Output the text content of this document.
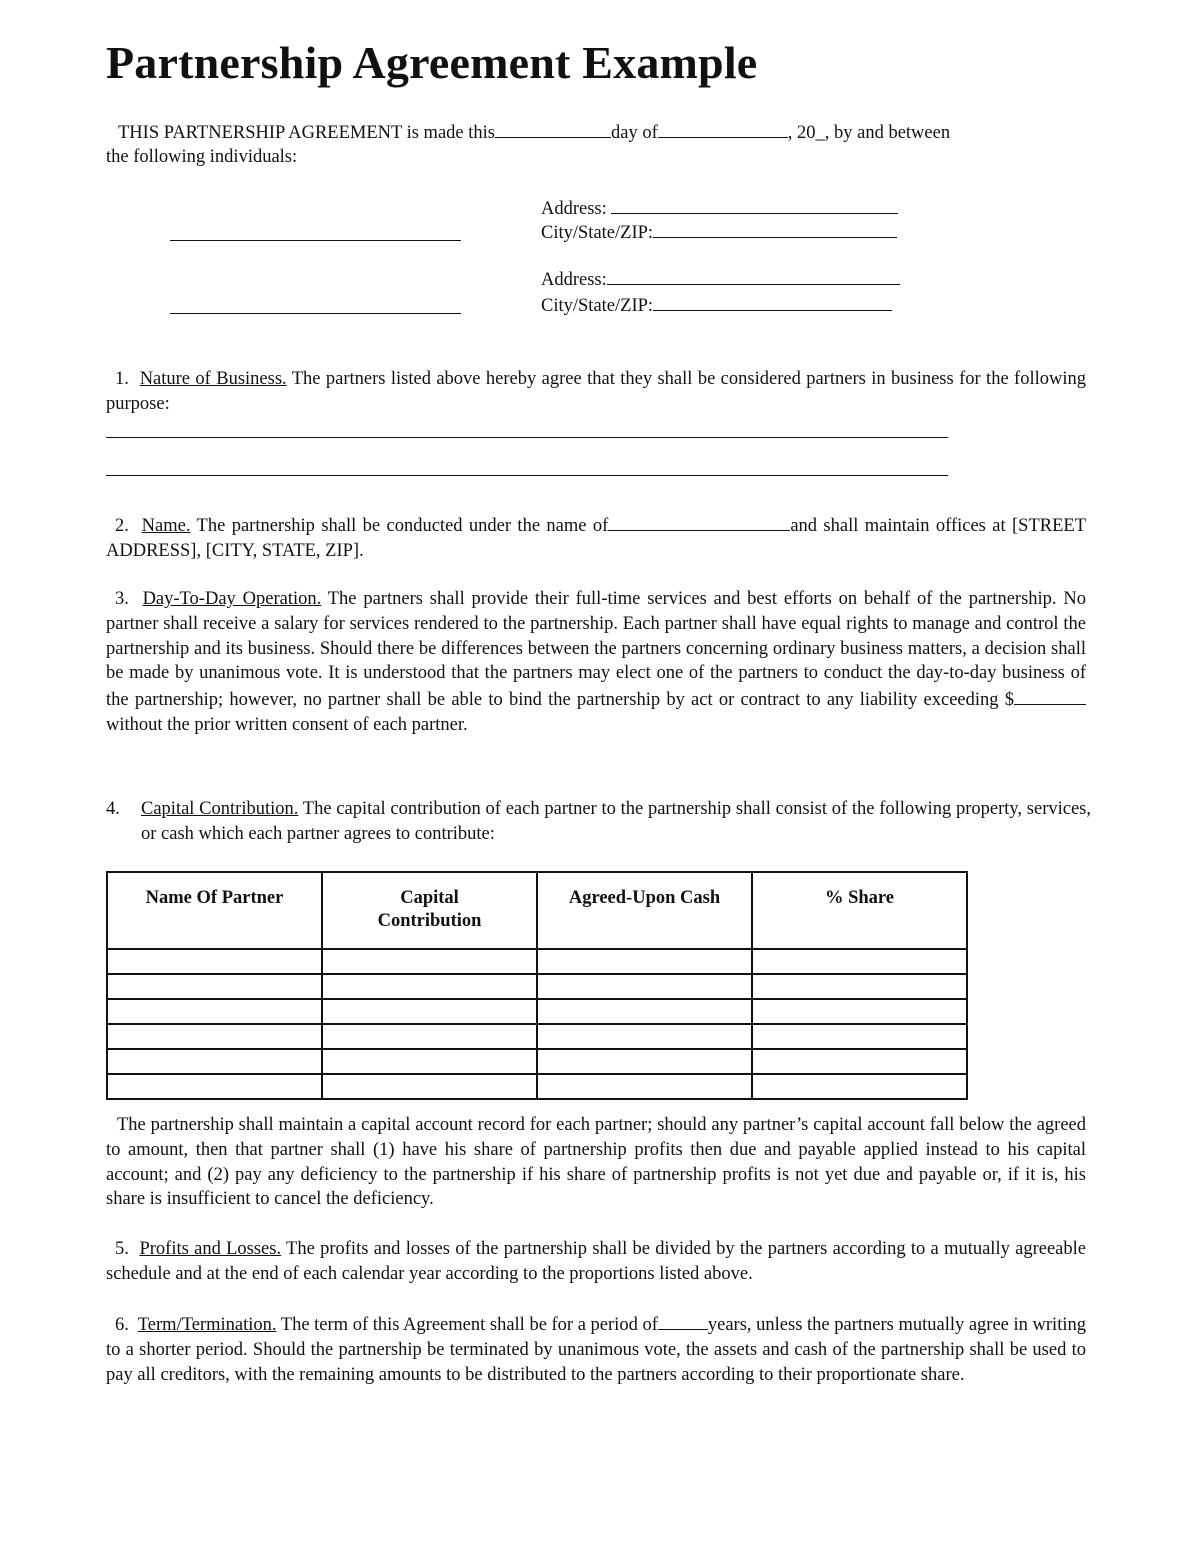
Partnership Agreement Example
THIS PARTNERSHIP AGREEMENT is made this	day of	, 20_, by and between
the following individuals:
Address:
City/State/ZIP:
Address:
City/State/ZIP:
1. Nature of Business. The partners listed above hereby agree that they shall be considered partners in business for the following purpose:
2. Name. The partnership shall be conducted under the name of	and shall maintain offices at [STREET ADDRESS], [CITY, STATE, ZIP].
3. Day-To-Day Operation. The partners shall provide their full-time services and best efforts on behalf of the partnership. No partner shall receive a salary for services rendered to the partnership. Each partner shall have equal rights to manage and control the partnership and its business. Should there be differences between the partners concerning ordinary business matters, a decision shall be made by unanimous vote. It is understood that the partners may elect one of the partners to conduct the day-to-day business of the partnership; however, no partner shall be able to bind the partnership by act or contract to any liability exceeding $without the prior written consent of each partner.
4. Capital Contribution. The capital contribution of each partner to the partnership shall consist of the following property, services, or cash which each partner agrees to contribute:
Name Of Partner	Capital Contribution	Agreed-Upon Cash	% Share

The partnership shall maintain a capital account record for each partner; should any partner’s capital account fall below the agreed to amount, then that partner shall (1) have his share of partnership profits then due and payable applied instead to his capital account; and (2) pay any deficiency to the partnership if his share of partnership profits is not yet due and payable or, if it is, his share is insufficient to cancel the deficiency.
5. Profits and Losses. The profits and losses of the partnership shall be divided by the partners according to a mutually agreeable schedule and at the end of each calendar year according to the proportions listed above.
6. Term/Termination. The term of this Agreement shall be for a period of	years, unless the partners mutually agree in writing to a shorter period. Should the partnership be terminated by unanimous vote, the assets and cash of the partnership shall be used to pay all creditors, with the remaining amounts to be distributed to the partners according to their proportionate share.
